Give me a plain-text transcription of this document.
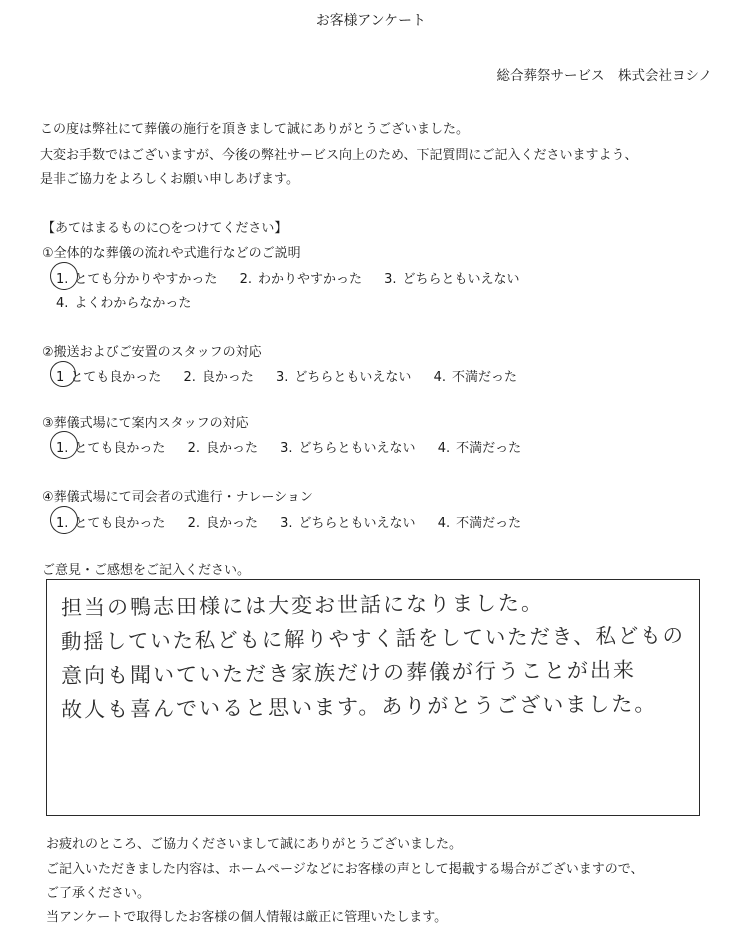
お客様アンケート
総合葬祭サービス　株式会社ヨシノ
この度は弊社にて葬儀の施行を頂きまして誠にありがとうございました。
大変お手数ではございますが、今後の弊社サービス向上のため、下記質問にご記入くださいますよう、
是非ご協力をよろしくお願い申しあげます。
【あてはまるものに○をつけてください】
①全体的な葬儀の流れや式進行などのご説明
1. とても分かりやすかった 2. わかりやすかった 3. どちらともいえない
4. よくわからなかった
②搬送およびご安置のスタッフの対応
1 とても良かった 2. 良かった 3. どちらともいえない 4. 不満だった
③葬儀式場にて案内スタッフの対応
1. とても良かった 2. 良かった 3. どちらともいえない 4. 不満だった
④葬儀式場にて司会者の式進行・ナレーション
1. とても良かった 2. 良かった 3. どちらともいえない 4. 不満だった
ご意見・ご感想をご記入ください。
担当の鴨志田様には大変お世話になりました。
動揺していた私どもに解りやすく話をしていただき、私どもの
意向も聞いていただき家族だけの葬儀が行うことが出来
故人も喜んでいると思います。ありがとうございました。
お疲れのところ、ご協力くださいまして誠にありがとうございました。
ご記入いただきました内容は、ホームページなどにお客様の声として掲載する場合がございますので、
ご了承ください。
当アンケートで取得したお客様の個人情報は厳正に管理いたします。
